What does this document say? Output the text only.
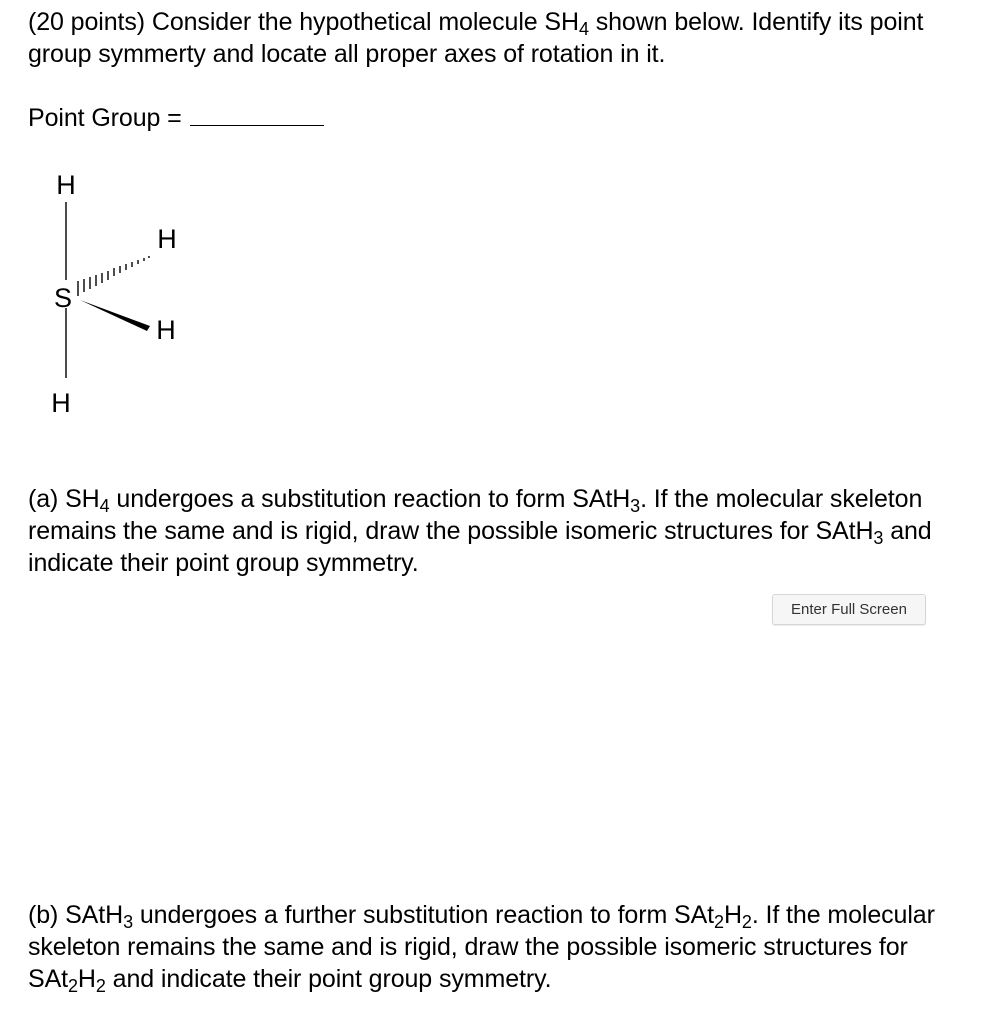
(20 points) Consider the hypothetical molecule $SH_4$ shown below. Identify its point group symmerty and locate all proper axes of rotation in it.

Point Group =

H
H
S
H
H

(a) $SH_4$ undergoes a substitution reaction to form SAtH$_3$. If the molecular skeleton remains the same and is rigid, draw the possible isomeric structures for SAtH$_3$ and indicate their point group symmetry.

Enter Full Screen

(b) SAtH$_3$ undergoes a further substitution reaction to form $SAt_2H_2$. If the molecular skeleton remains the same and is rigid, draw the possible isomeric structures for $SAt_2H_2$ and indicate their point group symmetry.
